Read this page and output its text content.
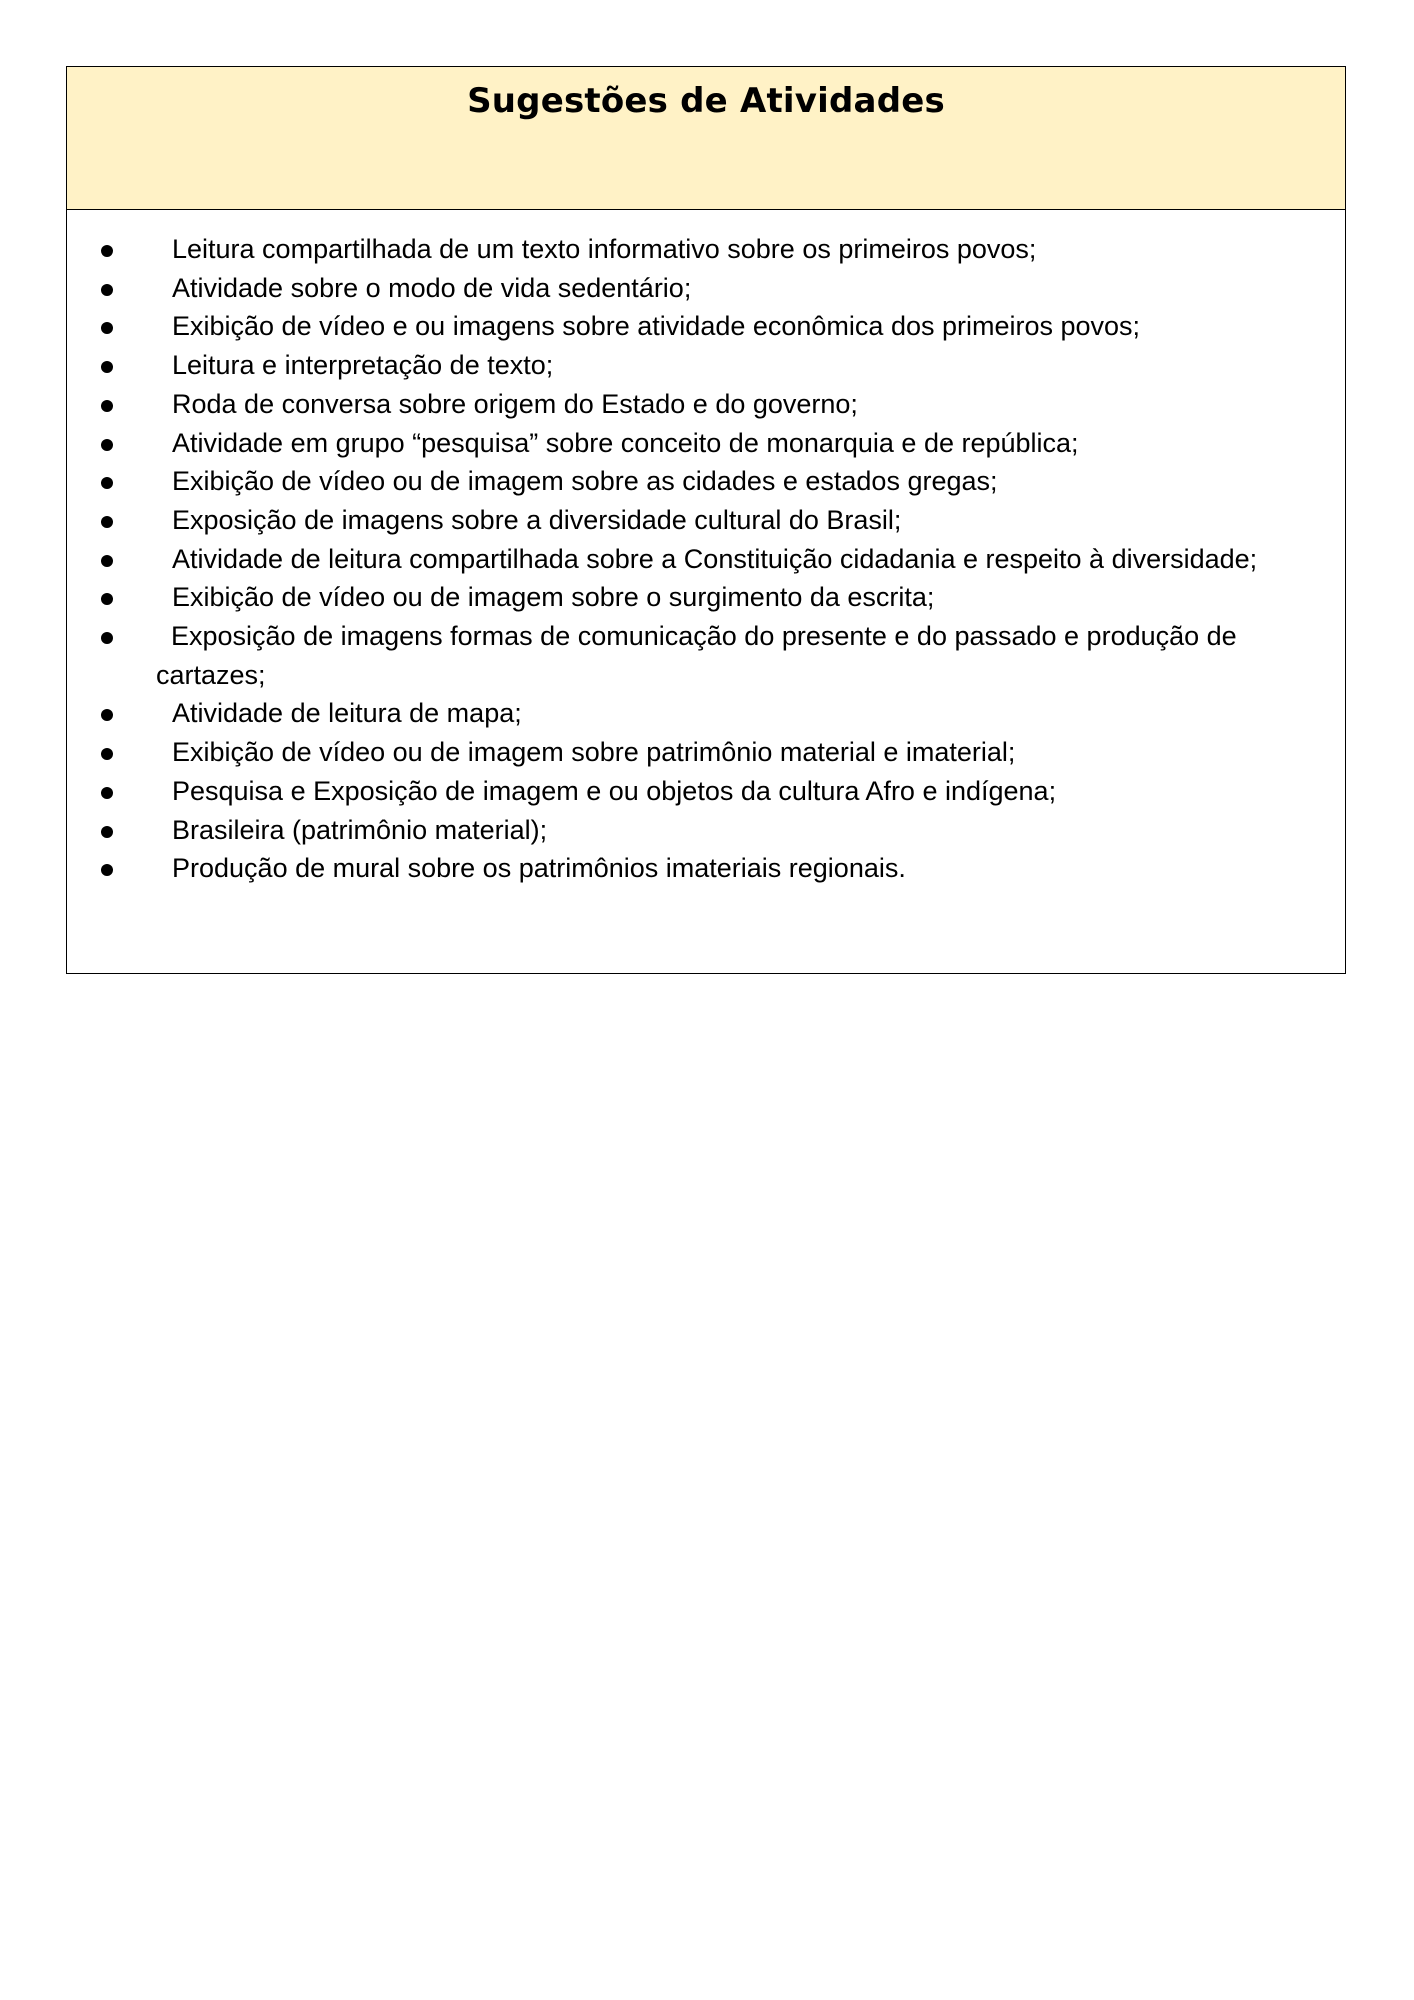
Sugestões de Atividades
Leitura compartilhada de um texto informativo sobre os primeiros povos;
Atividade sobre o modo de vida sedentário;
Exibição de vídeo e ou imagens sobre atividade econômica dos primeiros povos;
Leitura e interpretação de texto;
Roda de conversa sobre origem do Estado e do governo;
Atividade em grupo “pesquisa” sobre conceito de monarquia e de república;
Exibição de vídeo ou de imagem sobre as cidades e estados gregas;
Exposição de imagens sobre a diversidade cultural do Brasil;
Atividade de leitura compartilhada sobre a Constituição cidadania e respeito à diversidade;
Exibição de vídeo ou de imagem sobre o surgimento da escrita;
Exposição de imagens formas de comunicação do presente e do passado e produção de cartazes;
Atividade de leitura de mapa;
Exibição de vídeo ou de imagem sobre patrimônio material e imaterial;
Pesquisa e Exposição de imagem e ou objetos da cultura Afro e indígena;
Brasileira (patrimônio material);
Produção de mural sobre os patrimônios imateriais regionais.
